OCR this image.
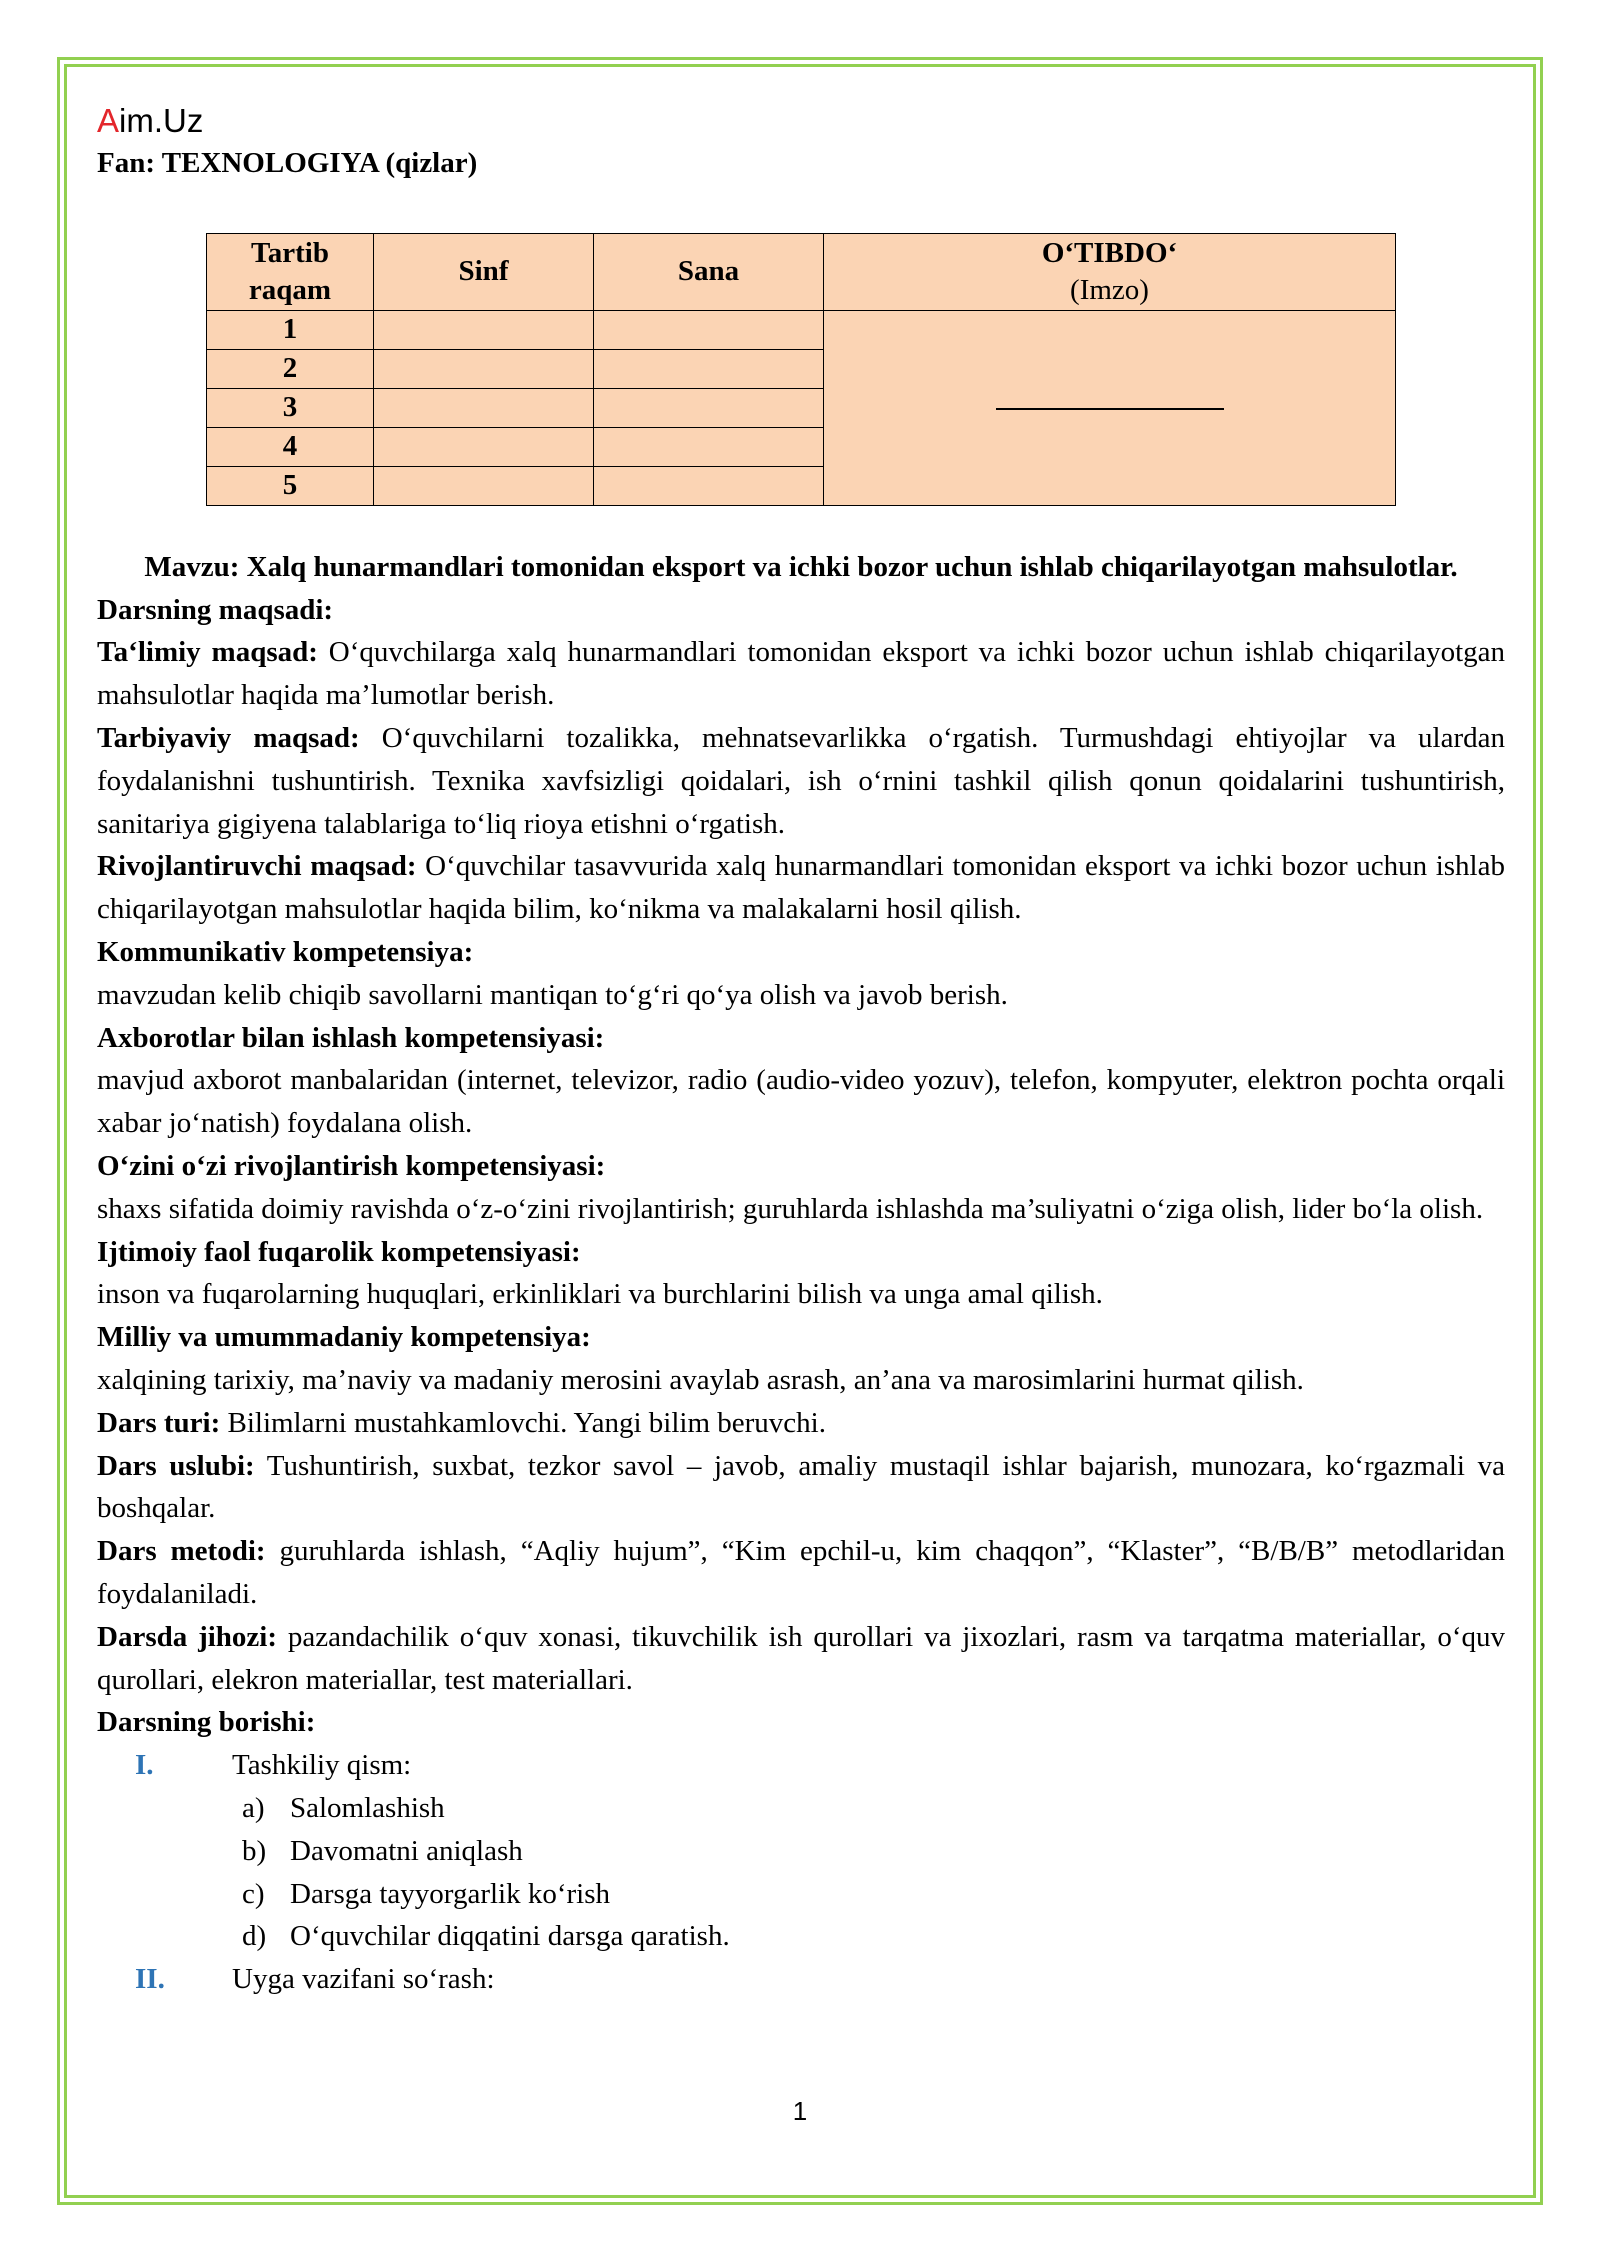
Aim.Uz

Fan: TEXNOLOGIYA (qizlar)

Tartib raqam	Sinf	Sana	O‘TIBDO‘
(Imzo)

1			
2			
3			
4			
5			

Mavzu: Xalq hunarmandlari tomonidan eksport va ichki bozor uchun ishlab chiqarilayotgan mahsulotlar.

Darsning maqsadi:

Ta‘limiy maqsad: O‘quvchilarga xalq hunarmandlari tomonidan eksport va ichki bozor uchun ishlab chiqarilayotgan mahsulotlar haqida ma’lumotlar berish.

Tarbiyaviy maqsad: O‘quvchilarni tozalikka, mehnatsevarlikka o‘rgatish. Turmushdagi ehtiyojlar va ulardan foydalanishni tushuntirish. Texnika xavfsizligi qoidalari, ish o‘rnini tashkil qilish qonun qoidalarini tushuntirish, sanitariya gigiyena talablariga to‘liq rioya etishni o‘rgatish.

Rivojlantiruvchi maqsad: O‘quvchilar tasavvurida xalq hunarmandlari tomonidan eksport va ichki bozor uchun ishlab chiqarilayotgan mahsulotlar haqida bilim, ko‘nikma va malakalarni hosil qilish.

Kommunikativ kompetensiya:

mavzudan kelib chiqib savollarni mantiqan to‘g‘ri qo‘ya olish va javob berish.

Axborotlar bilan ishlash kompetensiyasi:

mavjud axborot manbalaridan (internet, televizor, radio (audio-video yozuv), telefon, kompyuter, elektron pochta orqali xabar jo‘natish) foydalana olish.

O‘zini o‘zi rivojlantirish kompetensiyasi:

shaxs sifatida doimiy ravishda o‘z-o‘zini rivojlantirish; guruhlarda ishlashda ma’suliyatni o‘ziga olish, lider bo‘la olish.

Ijtimoiy faol fuqarolik kompetensiyasi:

inson va fuqarolarning huquqlari, erkinliklari va burchlarini bilish va unga amal qilish.

Milliy va umummadaniy kompetensiya:

xalqining tarixiy, ma’naviy va madaniy merosini avaylab asrash, an’ana va marosimlarini hurmat qilish.

Dars turi: Bilimlarni mustahkamlovchi. Yangi bilim beruvchi.

Dars uslubi: Tushuntirish, suxbat, tezkor savol – javob, amaliy mustaqil ishlar bajarish, munozara, ko‘rgazmali va boshqalar.

Dars metodi: guruhlarda ishlash, “Aqliy hujum”, “Kim epchil-u, kim chaqqon”, “Klaster”, “B/B/B” metodlaridan foydalaniladi.

Darsda jihozi: pazandachilik o‘quv xonasi, tikuvchilik ish qurollari va jixozlari, rasm va tarqatma materiallar, o‘quv qurollari, elekron materiallar, test materiallari.

Darsning borishi:

I.	Tashkiliy qism:
a) Salomlashish
b) Davomatni aniqlash
c) Darsga tayyorgarlik ko‘rish
d) O‘quvchilar diqqatini darsga qaratish.
II.	Uyga vazifani so‘rash:
1
